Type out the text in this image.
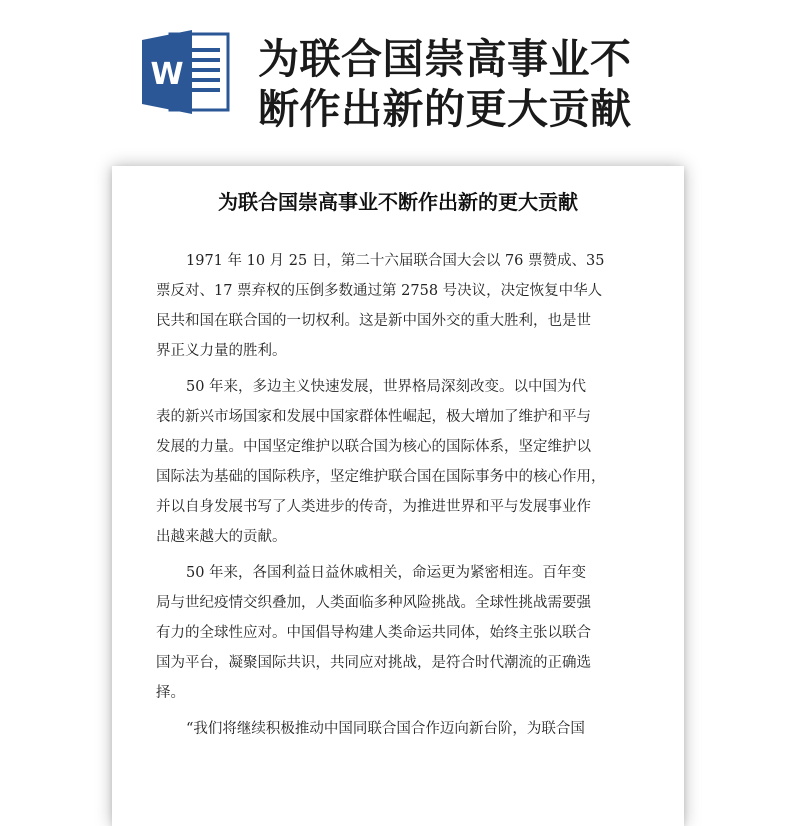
W 为联合国崇高事业不
断作出新的更大贡献
为联合国崇高事业不断作出新的更大贡献

1971 年 10 月 25 日，第二十六届联合国大会以 76 票赞成、35
票反对、17 票弃权的压倒多数通过第 2758 号决议，决定恢复中华人
民共和国在联合国的一切权利。这是新中国外交的重大胜利，也是世
界正义力量的胜利。

50 年来，多边主义快速发展，世界格局深刻改变。以中国为代
表的新兴市场国家和发展中国家群体性崛起，极大增加了维护和平与
发展的力量。中国坚定维护以联合国为核心的国际体系，坚定维护以
国际法为基础的国际秩序，坚定维护联合国在国际事务中的核心作用，
并以自身发展书写了人类进步的传奇，为推进世界和平与发展事业作
出越来越大的贡献。

50 年来，各国利益日益休戚相关，命运更为紧密相连。百年变
局与世纪疫情交织叠加，人类面临多种风险挑战。全球性挑战需要强
有力的全球性应对。中国倡导构建人类命运共同体，始终主张以联合
国为平台，凝聚国际共识，共同应对挑战，是符合时代潮流的正确选
择。

“我们将继续积极推动中国同联合国合作迈向新台阶，为联合国
